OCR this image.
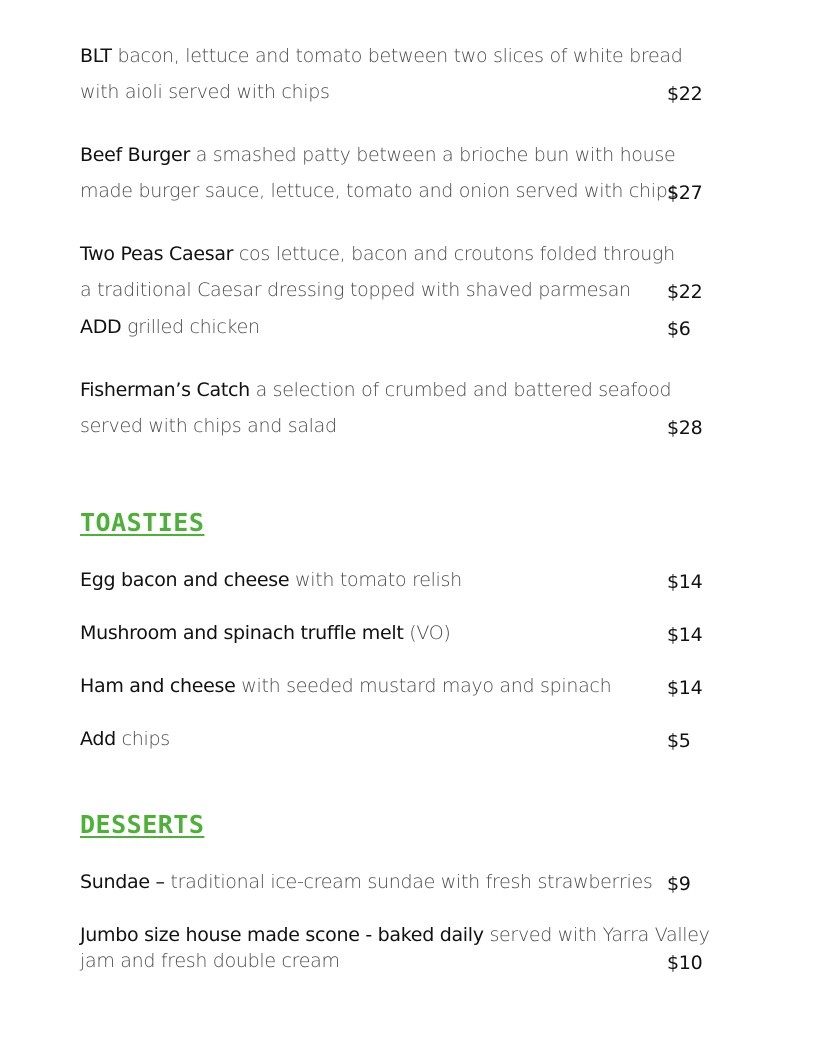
BLT bacon, lettuce and tomato between two slices of white bread
with aioli served with chips	$22
Beef Burger a smashed patty between a brioche bun with house
made burger sauce, lettuce, tomato and onion served with chips
$27
Two Peas Caesar cos lettuce, bacon and croutons folded through
a traditional Caesar dressing topped with shaved parmesan $22
ADD grilled chicken	$6
Fisherman’s Catch a selection of crumbed and battered seafood
served with chips and salad	$28
TOASTIES
Egg bacon and cheese with tomato relish	$14
Mushroom and spinach truffle melt (VO)	$14
Ham and cheese with seeded mustard mayo and spinach	$14
Add chips	$5
DESSERTS
Sundae – traditional ice-cream sundae with fresh strawberries $9
Jumbo size house made scone - baked daily served with Yarra Valley
jam and fresh double cream	$10
